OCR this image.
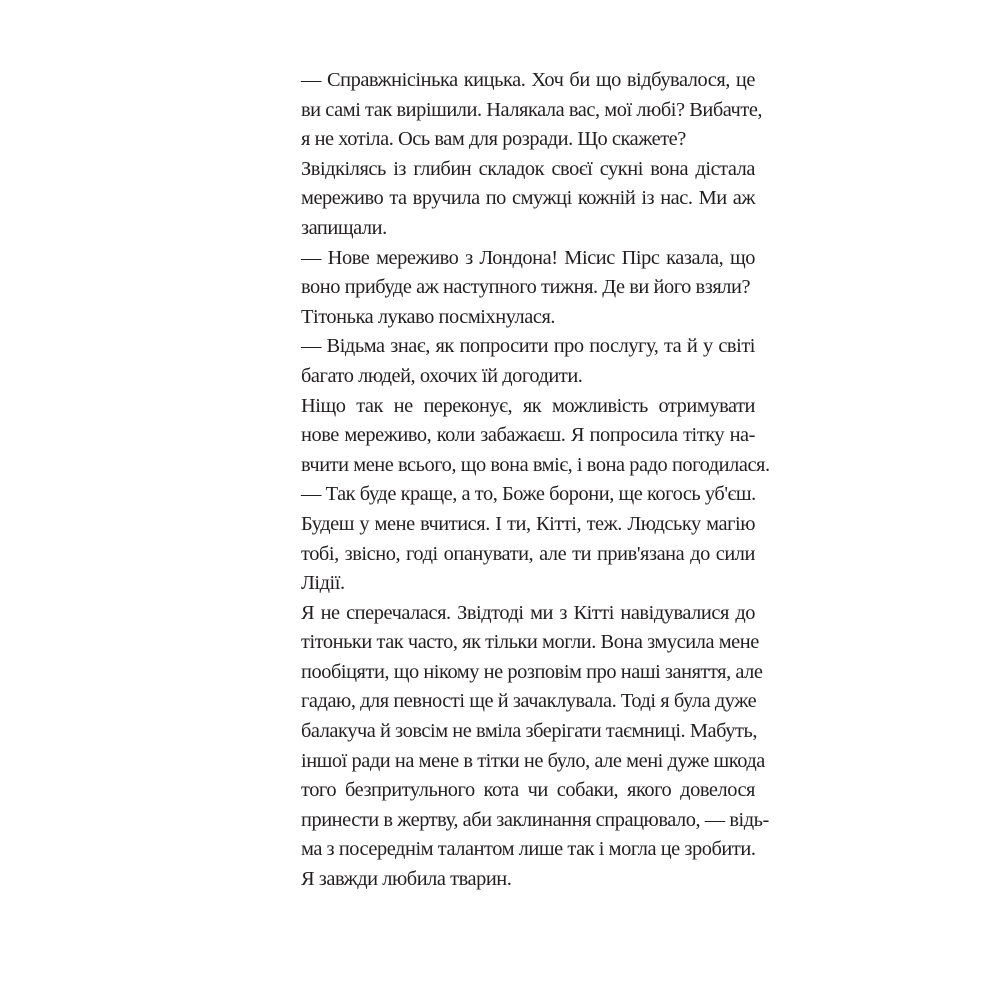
— Справжнісінька кицька. Хоч би що відбувалося, це
ви самі так вирішили. Налякала вас, мої любі? Вибачте,
я не хотіла. Ось вам для розради. Що скажете?

Звідкілясь із глибин складок своєї сукні вона дістала
мереживо та вручила по смужці кожній із нас. Ми аж
запищали.

— Нове мереживо з Лондона! Місис Пірс казала, що
воно прибуде аж наступного тижня. Де ви його взяли?

Тітонька лукаво посміхнулася.

— Відьма знає, як попросити про послугу, та й у світі
багато людей, охочих їй догодити.

Ніщо так не переконує, як можливість отримувати
нове мереживо, коли забажаєш. Я попросила тітку на-
вчити мене всього, що вона вміє, і вона радо погодилася.

— Так буде краще, а то, Боже борони, ще когось уб'єш.
Будеш у мене вчитися. І ти, Кітті, теж. Людську магію
тобі, звісно, годі опанувати, але ти прив'язана до сили
Лідії.

Я не сперечалася. Звідтоді ми з Кітті навідувалися до
тітоньки так часто, як тільки могли. Вона змусила мене
пообіцяти, що нікому не розповім про наші заняття, але
гадаю, для певності ще й зачаклувала. Тоді я була дуже
балакуча й зовсім не вміла зберігати таємниці. Мабуть,
іншої ради на мене в тітки не було, але мені дуже шкода
того безпритульного кота чи собаки, якого довелося
принести в жертву, аби заклинання спрацювало, — відь-
ма з посереднім талантом лише так і могла це зробити.
Я завжди любила тварин.
